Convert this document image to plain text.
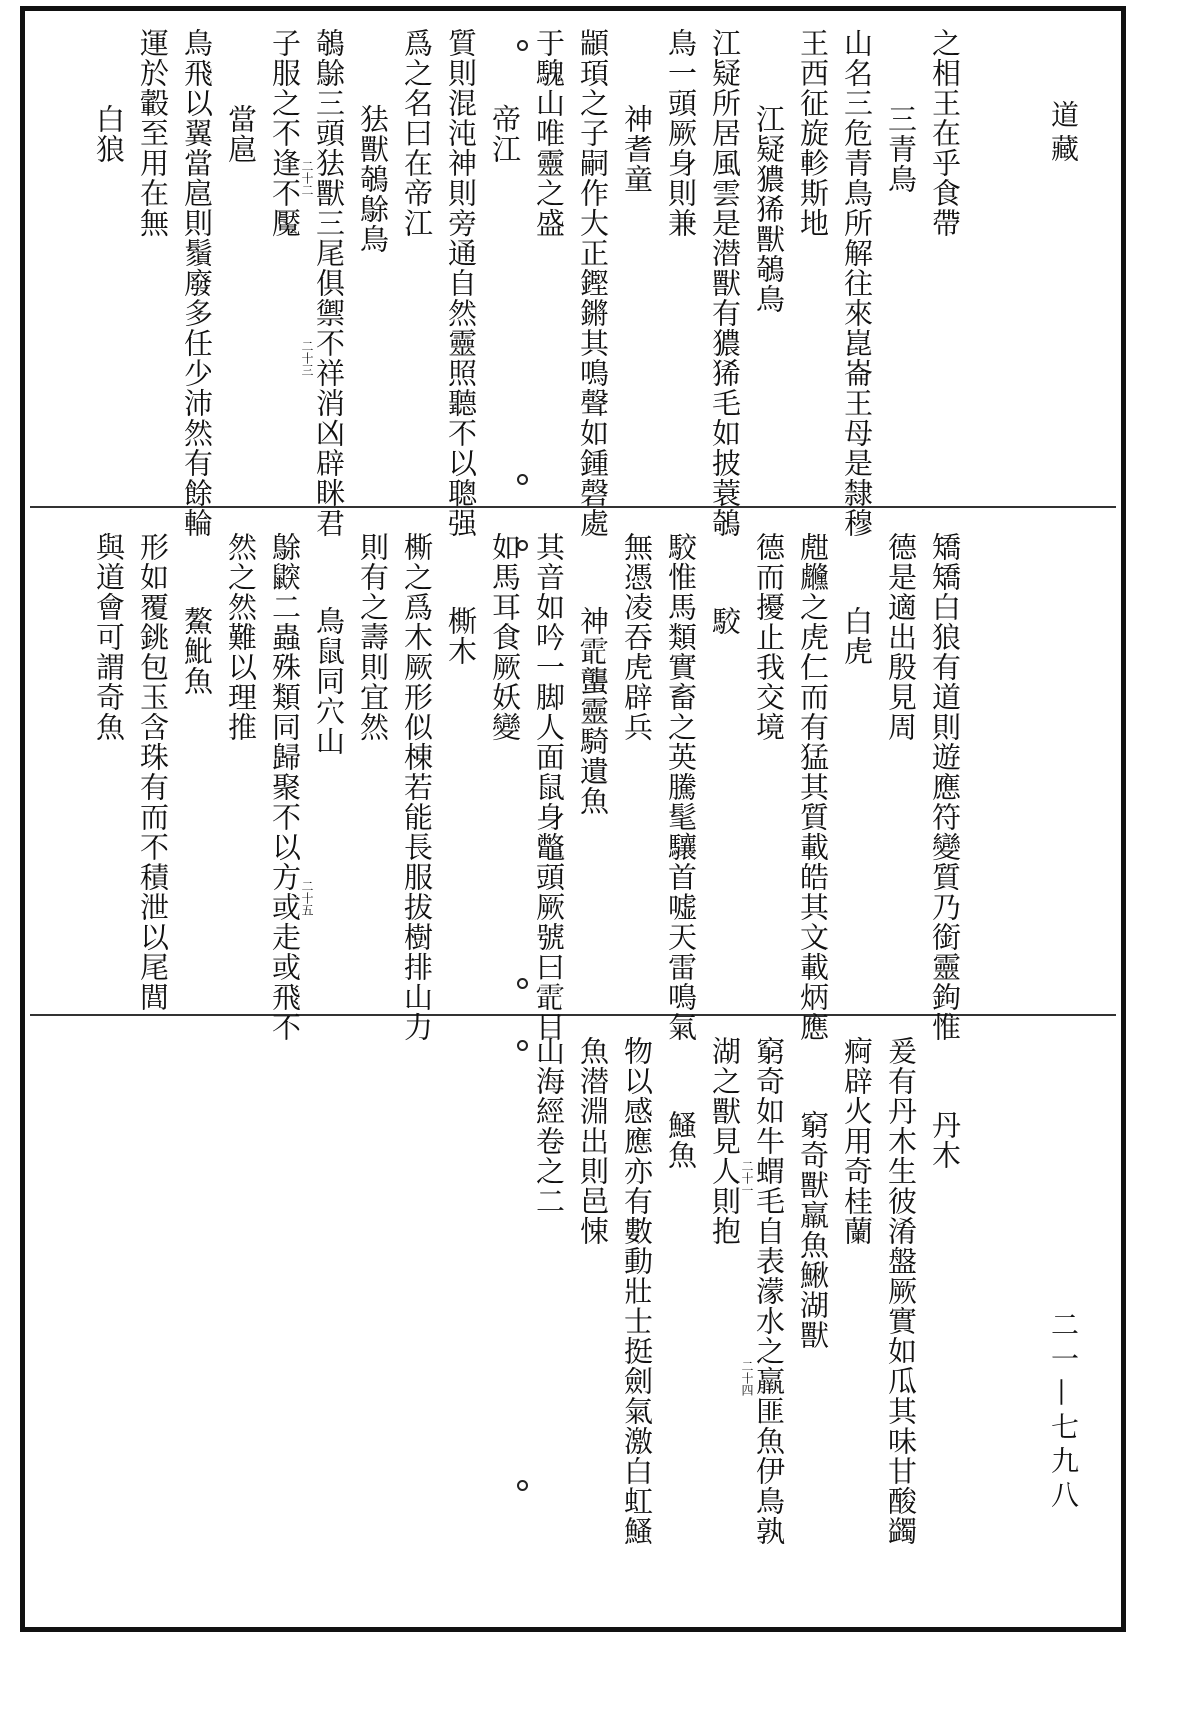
道藏
二一—七九八
之相王在乎食帶
三青鳥
山名三危青鳥所解往來崑崙王母是隸穆
王西征旋軫斯地
江疑㺜狶獸鵸鳥
江疑所居風雲是潜獸有㺜狶毛如披蓑鵸
鳥一頭厥身則兼
神耆童
顓頊之子嗣作大正鏗鏘其鳴聲如鍾磬處
于騩山唯靈之盛
帝江
質則混沌神則旁通自然靈照聽不以聰强
爲之名曰在帝江
㹤獸鵸鵌鳥
鵸鵌三頭㹤獸三尾俱禦不祥消凶辟眯君
子服之不逢不魘
當扈
鳥飛以翼當扈則鬚廢多任少沛然有餘輪
運於轂至用在無
白狼
矯矯白狼有道則遊應符變質乃銜靈鉤惟
德是適出殷見周
白虎
甝虪之虎仁而有猛其質載皓其文載炳應
德而擾止我交境
駮
駮惟馬類實畜之英騰髦驤首嘘天雷鳴氣
無憑凌吞虎辟兵
神𩂻蠪靈騎遺魚
其音如吟一脚人面鼠身鼈頭厥號曰𩂻目
如馬耳食厥妖變
㯕木
㯕之爲木厥形似棟若能長服拔樹排山力
則有之壽則宜然
鳥鼠同穴山
鵌鼵二蟲殊類同歸聚不以方或走或飛不
然之然難以理推
鰲魮魚
形如覆銚包玉含珠有而不積泄以尾閭
與道會可謂奇魚
丹木
爰有丹木生彼淆盤厥實如瓜其味甘酸蠲
痾辟火用奇桂蘭
窮奇獸羸魚鰍湖獸
窮奇如牛蝟毛自表濛水之羸匪魚伊鳥孰
湖之獸見人則抱
鰠魚
物以感應亦有數動壯士挺劍氣激白虹鰠
魚潜淵出則邑悚
山海經卷之二
二十三
二十二
二十一
二十四
二十五
